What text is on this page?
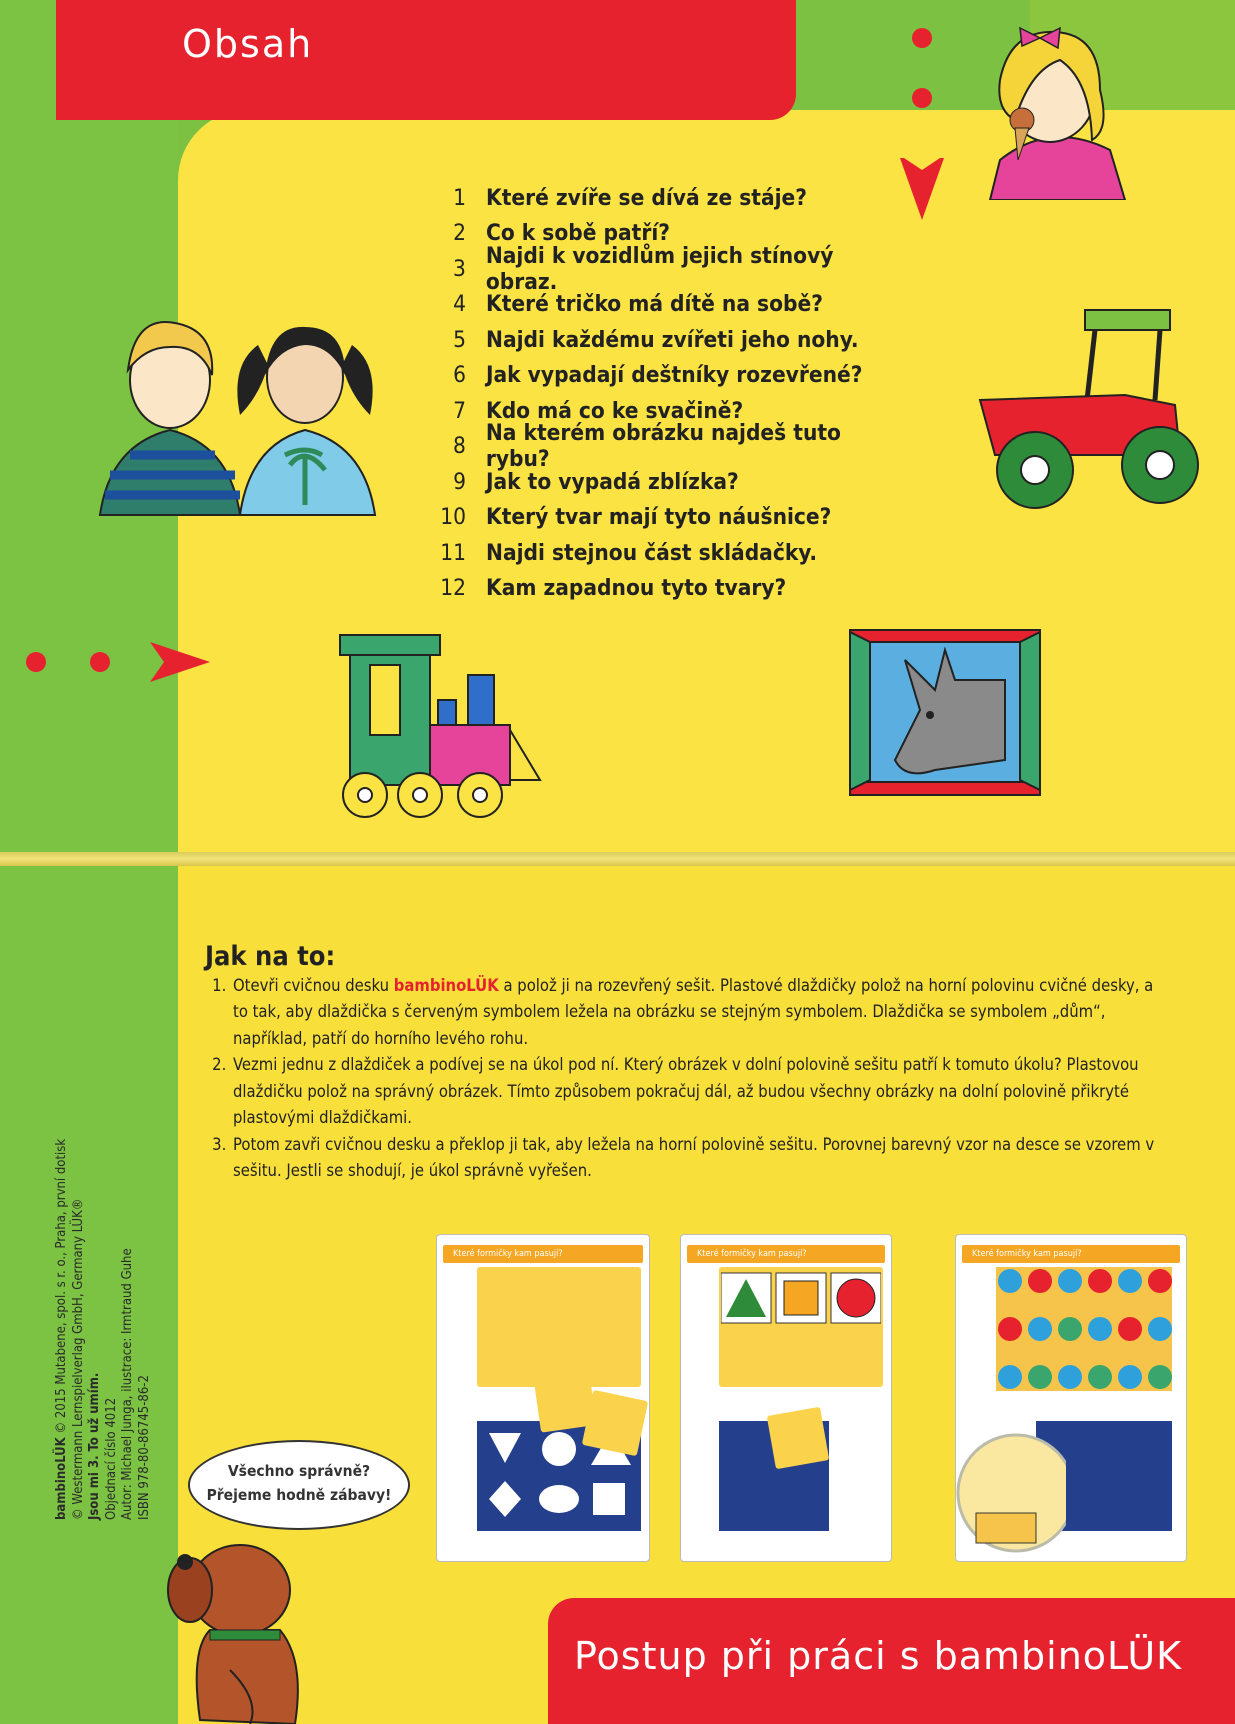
Obsah
1 Které zvíře se dívá ze stáje?
2 Co k sobě patří?
3 Najdi k vozidlům jejich stínový obraz.
4 Které tričko má dítě na sobě?
5 Najdi každému zvířeti jeho nohy.
6 Jak vypadají deštníky rozevřené?
7 Kdo má co ke svačině?
8 Na kterém obrázku najdeš tuto rybu?
9 Jak to vypadá zblízka?
10 Který tvar mají tyto náušnice?
11 Najdi stejnou část skládačky.
12 Kam zapadnou tyto tvary?
Jak na to:
1. Otevři cvičnou desku bambinoLÜK a polož ji na rozevřený sešit. Plastové dlaždičky polož na horní polovinu cvičné desky, a to tak, aby dlaždička s červeným symbolem ležela na obrázku se stejným symbolem. Dlaždička se symbolem „dům“, například, patří do horního levého rohu.
2. Vezmi jednu z dlaždiček a podívej se na úkol pod ní. Který obrázek v dolní polovině sešitu patří k tomuto úkolu? Plastovou dlaždičku polož na správný obrázek. Tímto způsobem pokračuj dál, až budou všechny obrázky na dolní polovině přikryté plastovými dlaždičkami.
3. Potom zavři cvičnou desku a překlop ji tak, aby ležela na horní polovině sešitu. Porovnej barevný vzor na desce se vzorem v sešitu. Jestli se shodují, je úkol správně vyřešen.
bambinoLÜK © 2015 Mutabene, spol. s r. o., Praha, první dotisk © Westermann Lernspielverlag GmbH, Germany LÜK® Jsou mi 3. To už umím. Objednací číslo 4012 Autor: Michael Junga, ilustrace: Irmtraud Guhe ISBN 978-80-86745-86-2	Všechno správně?
Přejeme hodně zábavy!
Které formičky kam pasují?	Které formičky kam pasují?	Které formičky kam pasují?
Postup při práci s bambinoLÜK
